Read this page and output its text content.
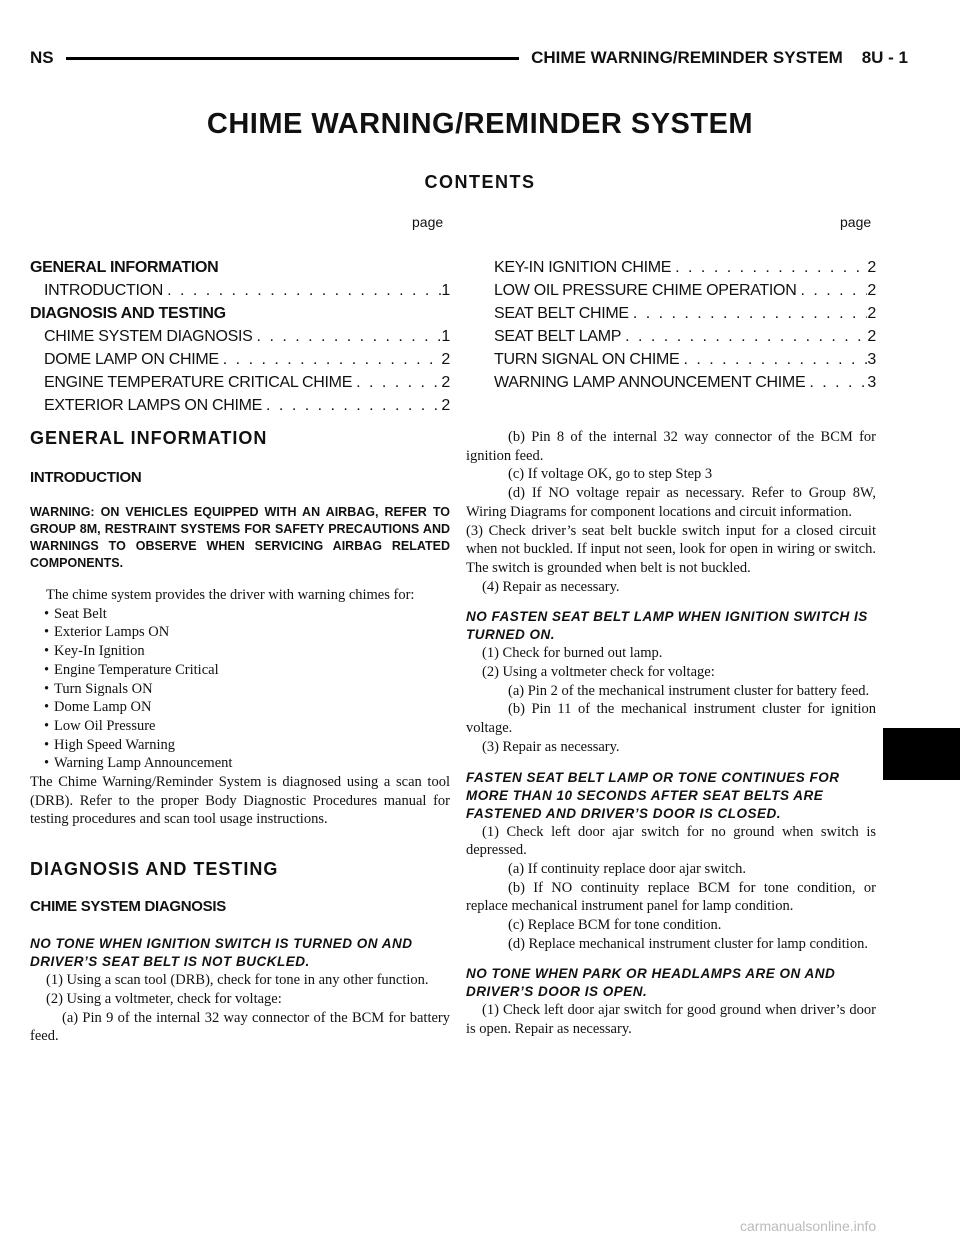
NS	CHIME WARNING/REMINDER SYSTEM    8U - 1
CHIME WARNING/REMINDER SYSTEM
CONTENTS
page	page
GENERAL INFORMATION
INTRODUCTION . . .	1
DIAGNOSIS AND TESTING
CHIME SYSTEM DIAGNOSIS . . .	1
DOME LAMP ON CHIME . . .	2
ENGINE TEMPERATURE CRITICAL CHIME . . .	2
EXTERIOR LAMPS ON CHIME . . .	2
KEY-IN IGNITION CHIME . . .	2
LOW OIL PRESSURE CHIME OPERATION . . .	2
SEAT BELT CHIME . . .	2
SEAT BELT LAMP . . .	2
TURN SIGNAL ON CHIME . . .	3
WARNING LAMP ANNOUNCEMENT CHIME . . .	3
GENERAL INFORMATION
INTRODUCTION
WARNING: ON VEHICLES EQUIPPED WITH AN AIRBAG, REFER TO GROUP 8M, RESTRAINT SYSTEMS FOR SAFETY PRECAUTIONS AND WARNINGS TO OBSERVE WHEN SERVICING AIRBAG RELATED COMPONENTS.

The chime system provides the driver with warning chimes for:

• Seat Belt
• Exterior Lamps ON
• Key-In Ignition
• Engine Temperature Critical
• Turn Signals ON
• Dome Lamp ON
• Low Oil Pressure
• High Speed Warning
• Warning Lamp Announcement

The Chime Warning/Reminder System is diagnosed using a scan tool (DRB). Refer to the proper Body Diagnostic Procedures manual for testing procedures and scan tool usage instructions.

DIAGNOSIS AND TESTING
CHIME SYSTEM DIAGNOSIS
NO TONE WHEN IGNITION SWITCH IS TURNED ON AND DRIVER’S SEAT BELT IS NOT BUCKLED.

(1) Using a scan tool (DRB), check for tone in any other function.

(2) Using a voltmeter, check for voltage:

(a) Pin 9 of the internal 32 way connector of the BCM for battery feed.

(b) Pin 8 of the internal 32 way connector of the BCM for ignition feed.

(c) If voltage OK, go to step Step 3

(d) If NO voltage repair as necessary. Refer to Group 8W, Wiring Diagrams for component locations and circuit information.

(3) Check driver’s seat belt buckle switch input for a closed circuit when not buckled. If input not seen, look for open in wiring or switch. The switch is grounded when belt is not buckled.

(4) Repair as necessary.

NO FASTEN SEAT BELT LAMP WHEN IGNITION SWITCH IS TURNED ON.

(1) Check for burned out lamp.

(2) Using a voltmeter check for voltage:

(a) Pin 2 of the mechanical instrument cluster for battery feed.

(b) Pin 11 of the mechanical instrument cluster for ignition voltage.

(3) Repair as necessary.

FASTEN SEAT BELT LAMP OR TONE CONTINUES FOR MORE THAN 10 SECONDS AFTER SEAT BELTS ARE FASTENED AND DRIVER’S DOOR IS CLOSED.

(1) Check left door ajar switch for no ground when switch is depressed.

(a) If continuity replace door ajar switch.

(b) If NO continuity replace BCM for tone condition, or replace mechanical instrument panel for lamp condition.

(c) Replace BCM for tone condition.

(d) Replace mechanical instrument cluster for lamp condition.

NO TONE WHEN PARK OR HEADLAMPS ARE ON AND DRIVER’S DOOR IS OPEN.

(1) Check left door ajar switch for good ground when driver’s door is open. Repair as necessary.

carmanualsonline.info
